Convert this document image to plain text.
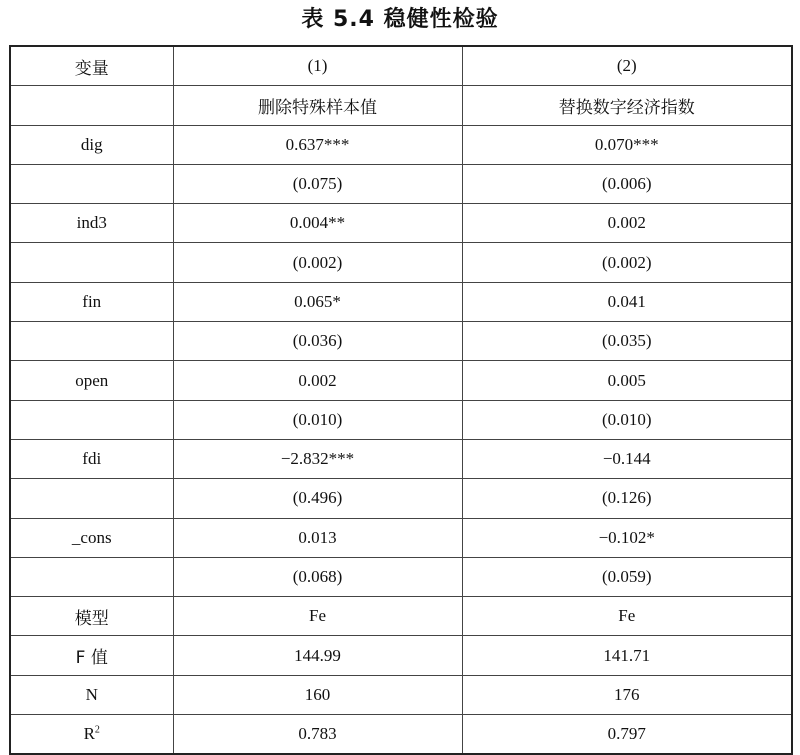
表 5.4 稳健性检验
变量	(1)	(2)
	删除特殊样本值	替换数字经济指数
dig	0.637***	0.070***
	(0.075)	(0.006)
ind3	0.004**	0.002
	(0.002)	(0.002)
fin	0.065*	0.041
	(0.036)	(0.035)
open	0.002	0.005
	(0.010)	(0.010)
fdi	−2.832***	−0.144
	(0.496)	(0.126)
_cons	0.013	−0.102*
	(0.068)	(0.059)
模型	Fe	Fe
F 值	144.99	141.71
N	160	176
$R^2$	0.783	0.797
